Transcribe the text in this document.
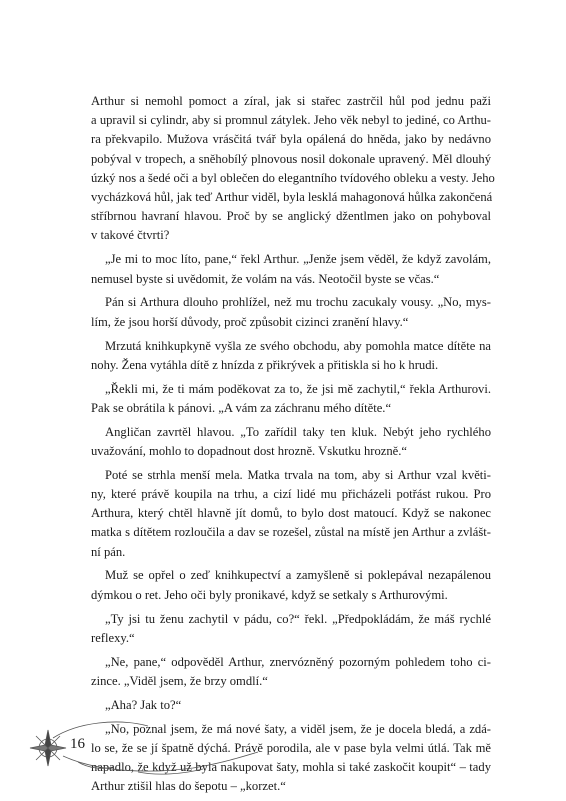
Arthur si nemohl pomoct a zíral, jak si stařec zastrčil hůl pod jednu paži
a upravil si cylindr, aby si promnul zátylek. Jeho věk nebyl to jediné, co Arthu-
ra překvapilo. Mužova vrásčitá tvář byla opálená do hněda, jako by nedávno
pobýval v tropech, a sněhobílý plnovous nosil dokonale upravený. Měl dlouhý
úzký nos a šedé oči a byl oblečen do elegantního tvídového obleku a vesty. Jeho
vycházková hůl, jak teď Arthur viděl, byla lesklá mahagonová hůlka zakončená
stříbrnou havraní hlavou. Proč by se anglický džentlmen jako on pohyboval
v takové čtvrti?
„Je mi to moc líto, pane,“ řekl Arthur. „Jenže jsem věděl, že když zavolám,
nemusel byste si uvědomit, že volám na vás. Neotočil byste se včas.“
Pán si Arthura dlouho prohlížel, než mu trochu zacukaly vousy. „No, mys-
lím, že jsou horší důvody, proč způsobit cizinci zranění hlavy.“
Mrzutá knihkupkyně vyšla ze svého obchodu, aby pomohla matce dítěte na
nohy. Žena vytáhla dítě z hnízda z přikrývek a přitiskla si ho k hrudi.
„Řekli mi, že ti mám poděkovat za to, že jsi mě zachytil,“ řekla Arthurovi.
Pak se obrátila k pánovi. „A vám za záchranu mého dítěte.“
Angličan zavrtěl hlavou. „To zařídil taky ten kluk. Nebýt jeho rychlého
uvažování, mohlo to dopadnout dost hrozně. Vskutku hrozně.“
Poté se strhla menší mela. Matka trvala na tom, aby si Arthur vzal květi-
ny, které právě koupila na trhu, a cizí lidé mu přicházeli potřást rukou. Pro
Arthura, který chtěl hlavně jít domů, to bylo dost matoucí. Když se nakonec
matka s dítětem rozloučila a dav se rozešel, zůstal na místě jen Arthur a zvlášt-
ní pán.
Muž se opřel o zeď knihkupectví a zamyšleně si poklepával nezapálenou
dýmkou o ret. Jeho oči byly pronikavé, když se setkaly s Arthurovými.
„Ty jsi tu ženu zachytil v pádu, co?“ řekl. „Předpokládám, že máš rychlé
reflexy.“
„Ne, pane,“ odpověděl Arthur, znervózněný pozorným pohledem toho ci-
zince. „Viděl jsem, že brzy omdlí.“
„Aha? Jak to?“
„No, poznal jsem, že má nové šaty, a viděl jsem, že je docela bledá, a zdá-
lo se, že se jí špatně dýchá. Právě porodila, ale v pase byla velmi útlá. Tak mě
napadlo, že když už byla nakupovat šaty, mohla si také zaskočit koupit“ – tady
Arthur ztišil hlas do šepotu – „korzet.“
16
